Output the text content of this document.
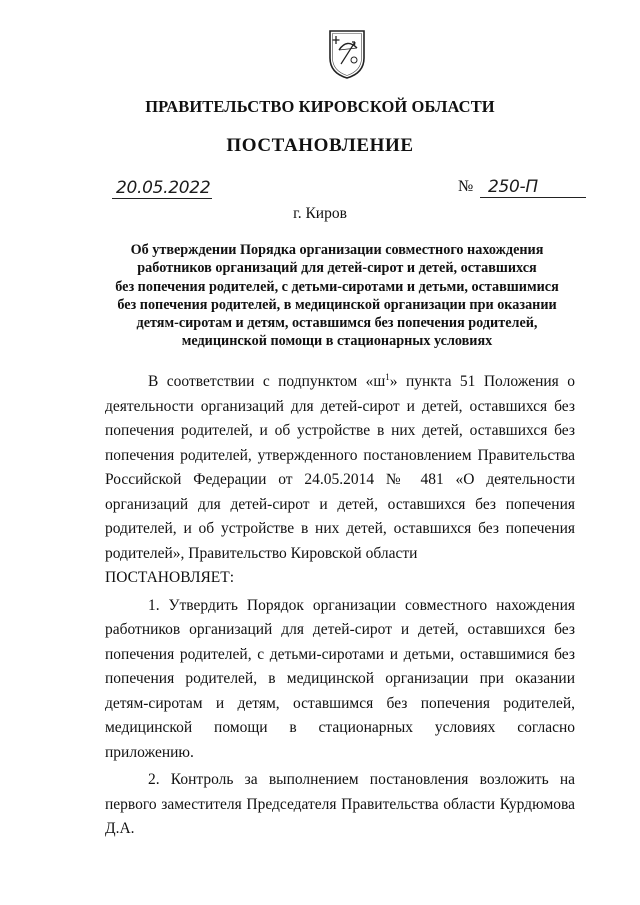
ПРАВИТЕЛЬСТВО КИРОВСКОЙ ОБЛАСТИ
ПОСТАНОВЛЕНИЕ
20.05.2022	№ 250-П
г. Киров
Об утверждении Порядка организации совместного нахождения
работников организаций для детей-сирот и детей, оставшихся
без попечения родителей, с детьми-сиротами и детьми, оставшимися
без попечения родителей, в медицинской организации при оказании
детям-сиротам и детям, оставшимся без попечения родителей,
медицинской помощи в стационарных условиях

В соответствии с подпунктом «$ш^1$» пункта 51 Положения о деятельности организаций для детей-сирот и детей, оставшихся без попечения родителей, и об устройстве в них детей, оставшихся без попечения родителей, утвержденного постановлением Правительства Российской Федерации от 24.05.2014 № 481 «О деятельности организаций для детей-сирот и детей, оставшихся без попечения родителей, и об устройстве в них детей, оставшихся без попечения родителей», Правительство Кировской области

ПОСТАНОВЛЯЕТ:

1. Утвердить Порядок организации совместного нахождения работников организаций для детей-сирот и детей, оставшихся без попечения родителей, с детьми-сиротами и детьми, оставшимися без попечения родителей, в медицинской организации при оказании детям-сиротам и детям, оставшимся без попечения родителей, медицинской помощи в стационарных условиях согласно приложению.

2. Контроль за выполнением постановления возложить на первого заместителя Председателя Правительства области Курдюмова Д.А.
